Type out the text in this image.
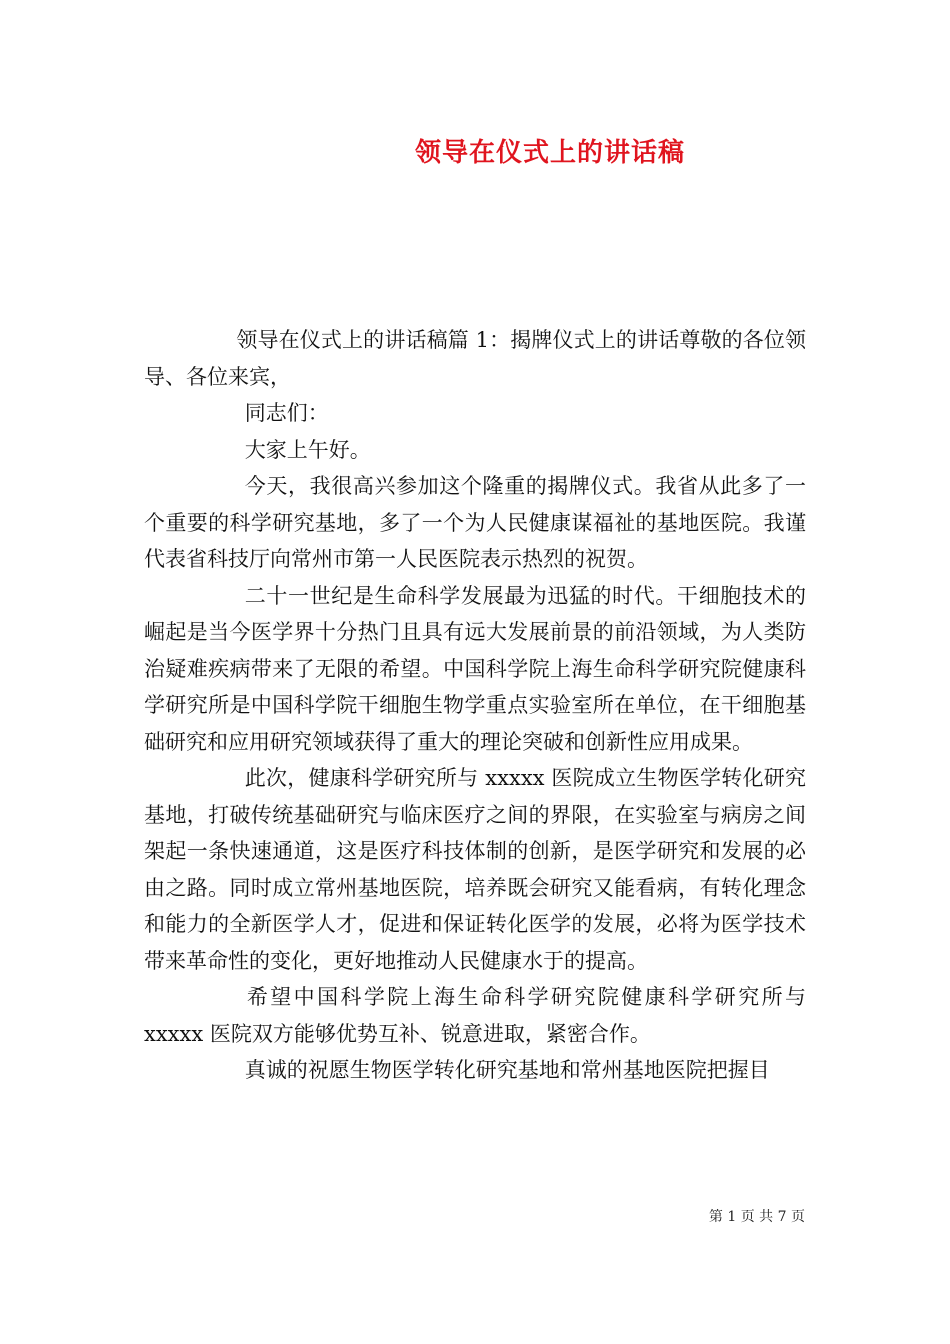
领导在仪式上的讲话稿

领导在仪式上的讲话稿篇 1：揭牌仪式上的讲话尊敬的各位领导、各位来宾，

同志们：

大家上午好。

今天，我很高兴参加这个隆重的揭牌仪式。我省从此多了一个重要的科学研究基地，多了一个为人民健康谋福祉的基地医院。我谨代表省科技厅向常州市第一人民医院表示热烈的祝贺。

二十一世纪是生命科学发展最为迅猛的时代。干细胞技术的崛起是当今医学界十分热门且具有远大发展前景的前沿领域，为人类防治疑难疾病带来了无限的希望。中国科学院上海生命科学研究院健康科学研究所是中国科学院干细胞生物学重点实验室所在单位，在干细胞基础研究和应用研究领域获得了重大的理论突破和创新性应用成果。

此次，健康科学研究所与 xxxxx 医院成立生物医学转化研究基地，打破传统基础研究与临床医疗之间的界限，在实验室与病房之间架起一条快速通道，这是医疗科技体制的创新，是医学研究和发展的必由之路。同时成立常州基地医院，培养既会研究又能看病，有转化理念和能力的全新医学人才，促进和保证转化医学的发展，必将为医学技术带来革命性的变化，更好地推动人民健康水于的提高。

希望中国科学院上海生命科学研究院健康科学研究所与 xxxxx 医院双方能够优势互补、锐意进取，紧密合作。

真诚的祝愿生物医学转化研究基地和常州基地医院把握目

第 1 页 共 7 页
